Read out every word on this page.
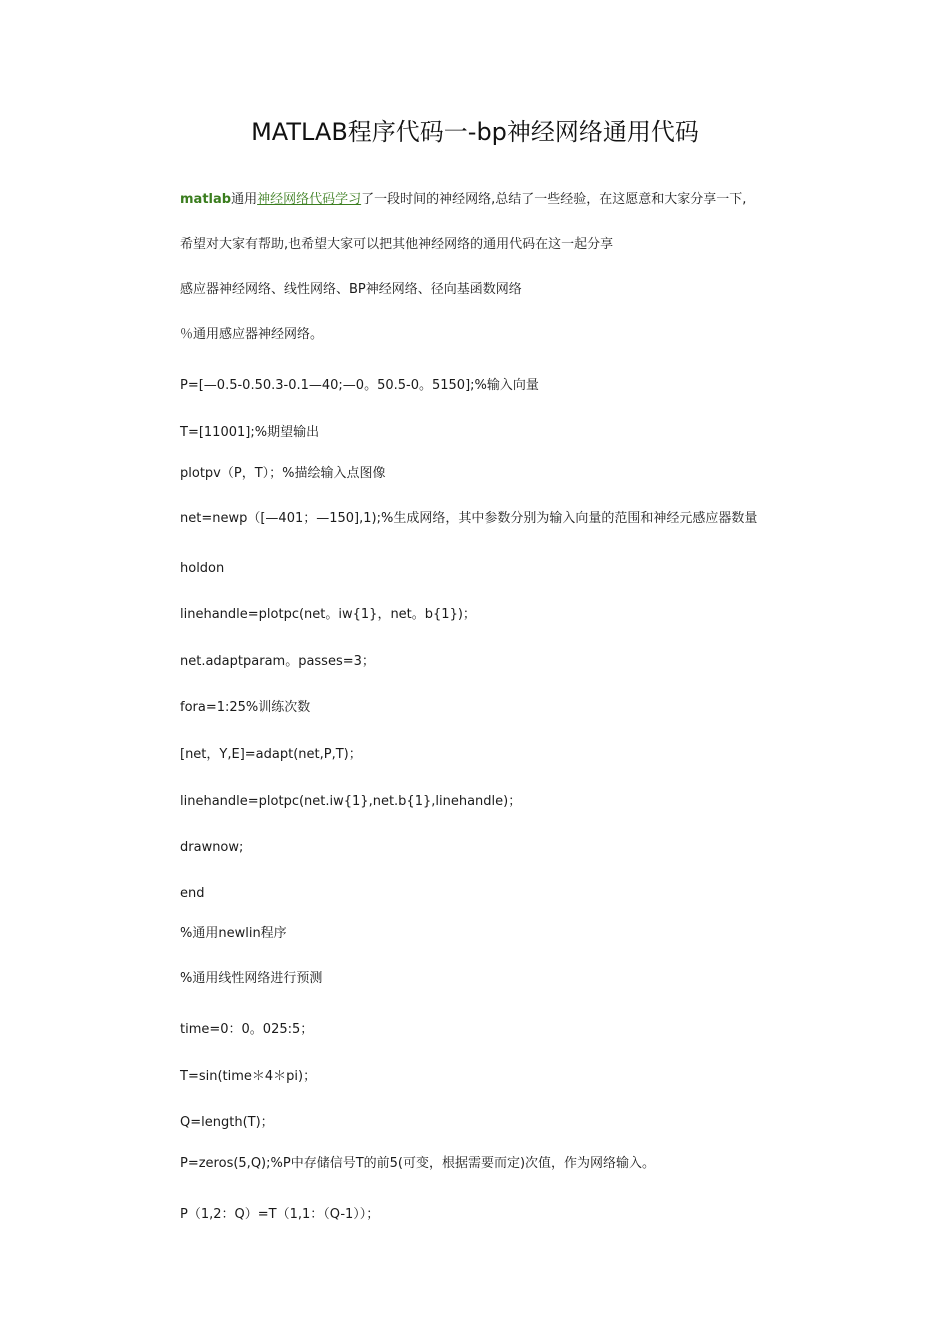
MATLAB程序代码一-bp神经网络通用代码
matlab通用神经网络代码学习了一段时间的神经网络,总结了一些经验，在这愿意和大家分享一下,
希望对大家有帮助,也希望大家可以把其他神经网络的通用代码在这一起分享
感应器神经网络、线性网络、BP神经网络、径向基函数网络
％通用感应器神经网络。
P=[—0.5-0.50.3-0.1—40;—0。50.5-0。5150];%输入向量
T=[11001];%期望输出
plotpv（P，T）；%描绘输入点图像
net=newp（[—401；—150],1);%生成网络，其中参数分别为输入向量的范围和神经元感应器数量
holdon
linehandle=plotpc(net。iw{1}，net。b{1})；
net.adaptparam。passes=3；
fora=1:25%训练次数
[net，Y,E]=adapt(net,P,T)；
linehandle=plotpc(net.iw{1},net.b{1},linehandle)；
drawnow;
end
%通用newlin程序
%通用线性网络进行预测
time=0：0。025:5；
T=sin(time＊4＊pi)；
Q=length(T)；
P=zeros(5,Q);%P中存储信号T的前5(可变，根据需要而定)次值，作为网络输入。
P（1,2：Q）=T（1,1：（Q-1））；
